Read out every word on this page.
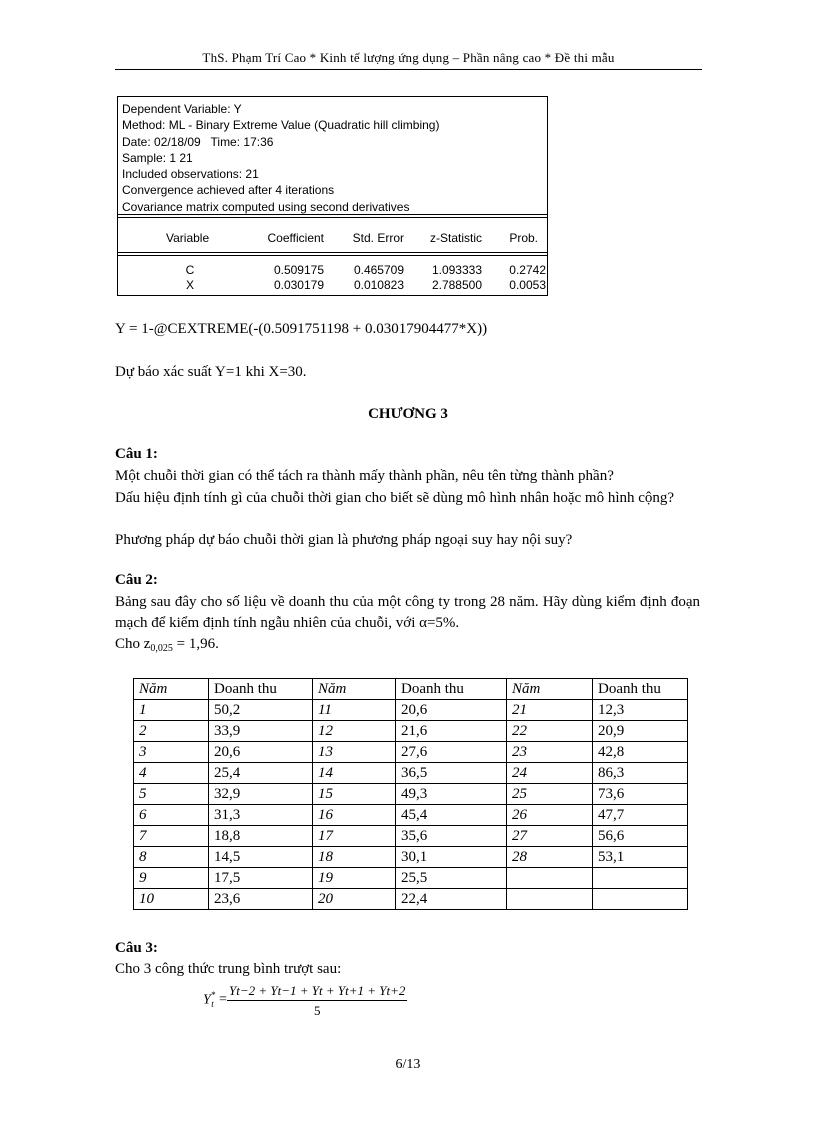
ThS. Phạm Trí Cao * Kinh tế lượng ứng dụng – Phần nâng cao * Đề thi mẫu
Dependent Variable: Y
Method: ML - Binary Extreme Value (Quadratic hill climbing)
Date: 02/18/09   Time: 17:36
Sample: 1 21
Included observations: 21
Convergence achieved after 4 iterations
Covariance matrix computed using second derivatives
Variable	Coefficient	Std. Error	z-Statistic	Prob.
C	0.509175	0.465709	1.093333	0.2742
X	0.030179	0.010823	2.788500	0.0053
Y = 1-@CEXTREME(-(0.5091751198 + 0.03017904477*X))
Dự báo xác suất Y=1 khi X=30.
CHƯƠNG 3
Câu 1:
Một chuỗi thời gian có thể tách ra thành mấy thành phần, nêu tên từng thành phần?
Dấu hiệu định tính gì của chuỗi thời gian cho biết sẽ dùng mô hình nhân hoặc mô hình cộng?
Phương pháp dự báo chuỗi thời gian là phương pháp ngoại suy hay nội suy?
Câu 2:
Bảng sau đây cho số liệu về doanh thu của một công ty trong 28 năm. Hãy dùng kiểm định đoạn mạch để kiểm định tính ngẫu nhiên của chuỗi, với α=5%.
Cho $z_{0,025} = 1,96$.
Năm	Doanh thu	Năm	Doanh thu	Năm	Doanh thu
1	50,2	11	20,6	21	12,3
2	33,9	12	21,6	22	20,9
3	20,6	13	27,6	23	42,8
4	25,4	14	36,5	24	86,3
5	32,9	15	49,3	25	73,6
6	31,3	16	45,4	26	47,7
7	18,8	17	35,6	27	56,6
8	14,5	18	30,1	28	53,1
9	17,5	19	25,5		
10	23,6	20	22,4		
Câu 3:
Cho 3 công thức trung bình trượt sau:
$Y^*_t = \frac{Yt-2 + Yt-1 + Yt + Yt+1 + Yt+2}{5}$
6/13
